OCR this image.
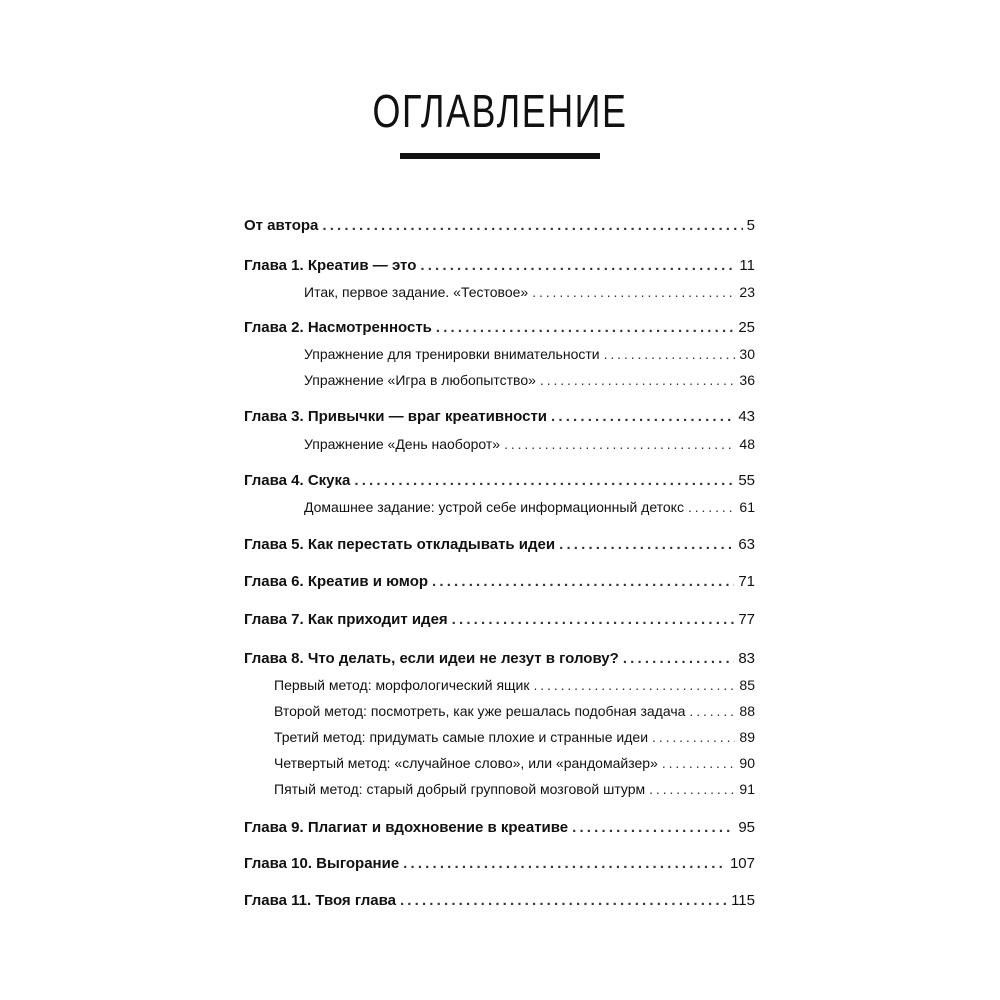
ОГЛАВЛЕНИЕ
От автора . . .	5
Глава 1. Креатив — это . . .	11
Итак, первое задание. «Тестовое» . . .	23
Глава 2. Насмотренность . . .	25
Упражнение для тренировки внимательности . . .	30
Упражнение «Игра в любопытство» . . .	36
Глава 3. Привычки — враг креативности . . .	43
Упражнение «День наоборот» . . .	48
Глава 4. Скука . . .	55
Домашнее задание: устрой себе информационный детокс . . .	61
Глава 5. Как перестать откладывать идеи . . .	63
Глава 6. Креатив и юмор . . .	71
Глава 7. Как приходит идея . . .	77
Глава 8. Что делать, если идеи не лезут в голову? . . .	83
Первый метод: морфологический ящик . . .	85
Второй метод: посмотреть, как уже решалась подобная задача . . .	88
Третий метод: придумать самые плохие и странные идеи . . .	89
Четвертый метод: «случайное слово», или «рандомайзер» . . .	90
Пятый метод: старый добрый групповой мозговой штурм . . .	91
Глава 9. Плагиат и вдохновение в креативе . . .	95
Глава 10. Выгорание . . .	107
Глава 11. Твоя глава . . .	115
